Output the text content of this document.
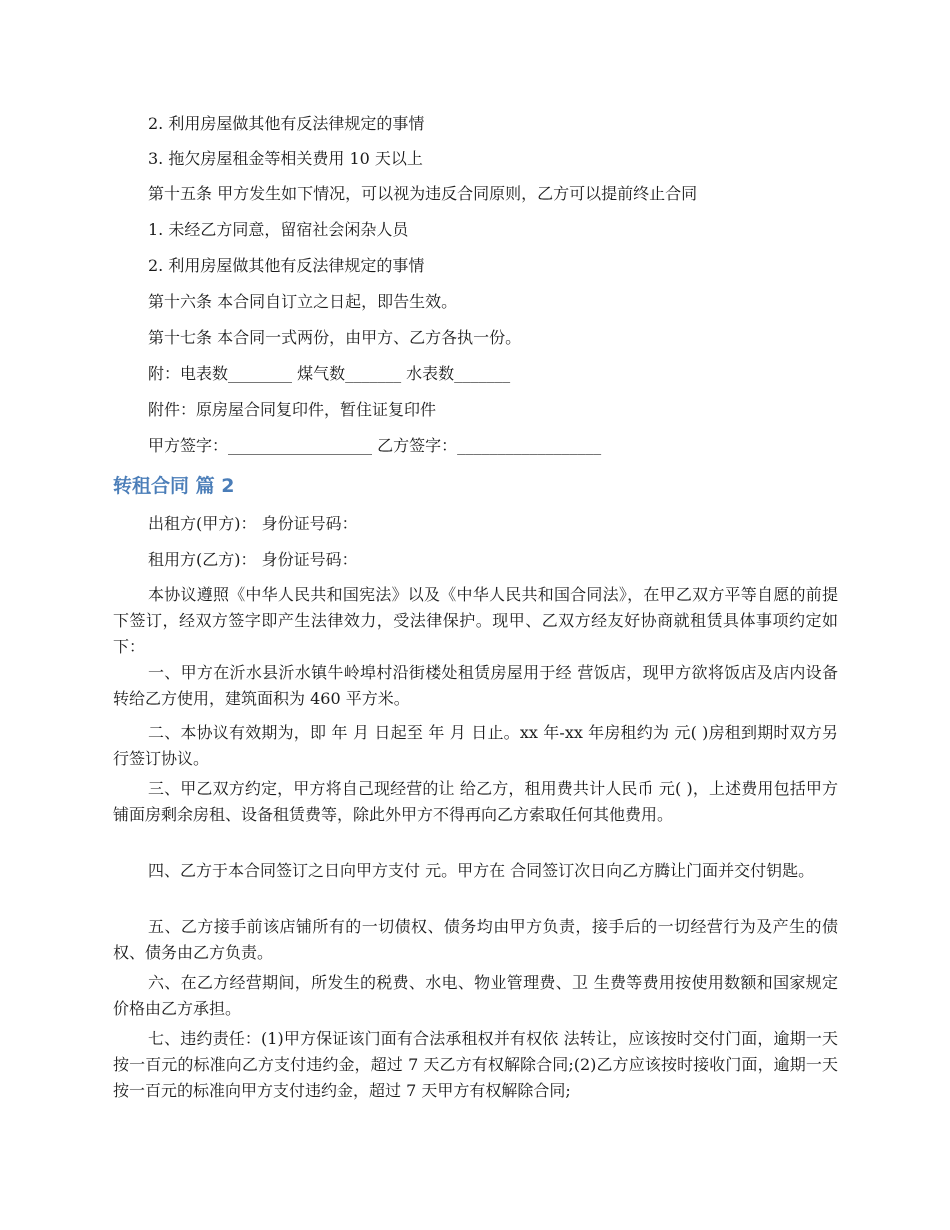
2. 利用房屋做其他有反法律规定的事情
3. 拖欠房屋租金等相关费用 10 天以上
第十五条 甲方发生如下情况，可以视为违反合同原则，乙方可以提前终止合同
1. 未经乙方同意，留宿社会闲杂人员
2. 利用房屋做其他有反法律规定的事情
第十六条 本合同自订立之日起，即告生效。
第十七条 本合同一式两份，由甲方、乙方各执一份。
附：电表数________ 煤气数_______ 水表数_______
附件：原房屋合同复印件，暂住证复印件
甲方签字：__________________ 乙方签字：__________________
转租合同 篇 2
出租方(甲方)： 身份证号码：
租用方(乙方)： 身份证号码：
本协议遵照《中华人民共和国宪法》以及《中华人民共和国合同法》，在甲乙双方平等自愿的前提下签订，经双方签字即产生法律效力，受法律保护。现甲、乙双方经友好协商就租赁具体事项约定如下：
一、甲方在沂水县沂水镇牛岭埠村沿街楼处租赁房屋用于经 营饭店，现甲方欲将饭店及店内设备转给乙方使用，建筑面积为 460 平方米。
二、本协议有效期为，即 年 月 日起至 年 月 日止。xx 年-xx 年房租约为 元( )房租到期时双方另行签订协议。
三、甲乙双方约定，甲方将自己现经营的让 给乙方，租用费共计人民币 元( )，上述费用包括甲方铺面房剩余房租、设备租赁费等，除此外甲方不得再向乙方索取任何其他费用。
四、乙方于本合同签订之日向甲方支付 元。甲方在 合同签订次日向乙方腾让门面并交付钥匙。
五、乙方接手前该店铺所有的一切债权、债务均由甲方负责，接手后的一切经营行为及产生的债权、债务由乙方负责。
六、在乙方经营期间，所发生的税费、水电、物业管理费、卫 生费等费用按使用数额和国家规定价格由乙方承担。
七、违约责任：(1)甲方保证该门面有合法承租权并有权依 法转让，应该按时交付门面，逾期一天按一百元的标准向乙方支付违约金，超过 7 天乙方有权解除合同;(2)乙方应该按时接收门面，逾期一天按一百元的标准向甲方支付违约金，超过 7 天甲方有权解除合同;
